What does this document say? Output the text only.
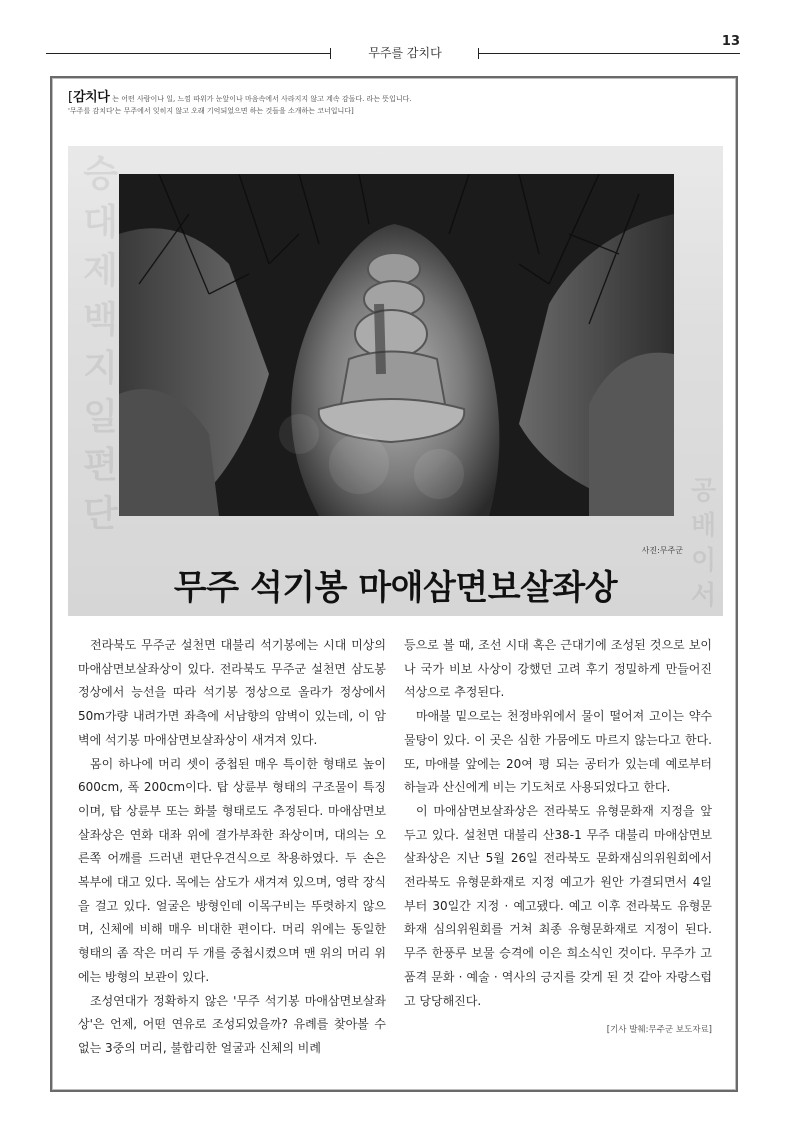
13
무주를 감치다
[ 감치다 는 어떤 사람이나 일, 느낌 따위가 눈앞이나 마음속에서 사라지지 않고 계속 감돌다. 라는 뜻입니다.
'무주를 감치다'는 무주에서 잊히지 않고 오래 기억되었으면 하는 것들을 소개하는 코너입니다]
승 대 제 백 지 일 편 단
공 배 이 서
사진:무주군
무주 석기봉 마애삼면보살좌상

전라북도 무주군 설천면 대불리 석기봉에는 시대 미상의 마애삼면보살좌상이 있다. 전라북도 무주군 설천면 삼도봉 정상에서 능선을 따라 석기봉 정상으로 올라가 정상에서 50m가량 내려가면 좌측에 서남향의 암벽이 있는데, 이 암벽에 석기봉 마애삼면보살좌상이 새겨져 있다.

몸이 하나에 머리 셋이 중첩된 매우 특이한 형태로 높이 600cm, 폭 200cm이다. 탑 상륜부 형태의 구조물이 특징이며, 탑 상륜부 또는 화불 형태로도 추정된다. 마애삼면보살좌상은 연화 대좌 위에 결가부좌한 좌상이며, 대의는 오른쪽 어깨를 드러낸 편단우견식으로 착용하였다. 두 손은 복부에 대고 있다. 목에는 삼도가 새겨져 있으며, 영락 장식을 걸고 있다. 얼굴은 방형인데 이목구비는 뚜렷하지 않으며, 신체에 비해 매우 비대한 편이다. 머리 위에는 동일한 형태의 좀 작은 머리 두 개를 중첩시켰으며 맨 위의 머리 위에는 방형의 보관이 있다.

조성연대가 정확하지 않은 '무주 석기봉 마애삼면보살좌상'은 언제, 어떤 연유로 조성되었을까? 유례를 찾아볼 수 없는 3중의 머리, 불합리한 얼굴과 신체의 비례

등으로 볼 때, 조선 시대 혹은 근대기에 조성된 것으로 보이나 국가 비보 사상이 강했던 고려 후기 정밀하게 만들어진 석상으로 추정된다.

마애불 밑으로는 천정바위에서 물이 떨어져 고이는 약수물탕이 있다. 이 곳은 심한 가뭄에도 마르지 않는다고 한다. 또, 마애불 앞에는 20여 평 되는 공터가 있는데 예로부터 하늘과 산신에게 비는 기도처로 사용되었다고 한다.

이 마애삼면보살좌상은 전라북도 유형문화재 지정을 앞두고 있다. 설천면 대불리 산38-1 무주 대불리 마애삼면보살좌상은 지난 5월 26일 전라북도 문화재심의위원회에서 전라북도 유형문화재로 지정 예고가 원안 가결되면서 4일부터 30일간 지정 · 예고됐다. 예고 이후 전라북도 유형문화재 심의위원회를 거쳐 최종 유형문화재로 지정이 된다. 무주 한풍루 보물 승격에 이은 희소식인 것이다. 무주가 고품격 문화 · 예술 · 역사의 긍지를 갖게 된 것 같아 자랑스럽고 당당해진다.

[기사 발췌:무주군 보도자료]
